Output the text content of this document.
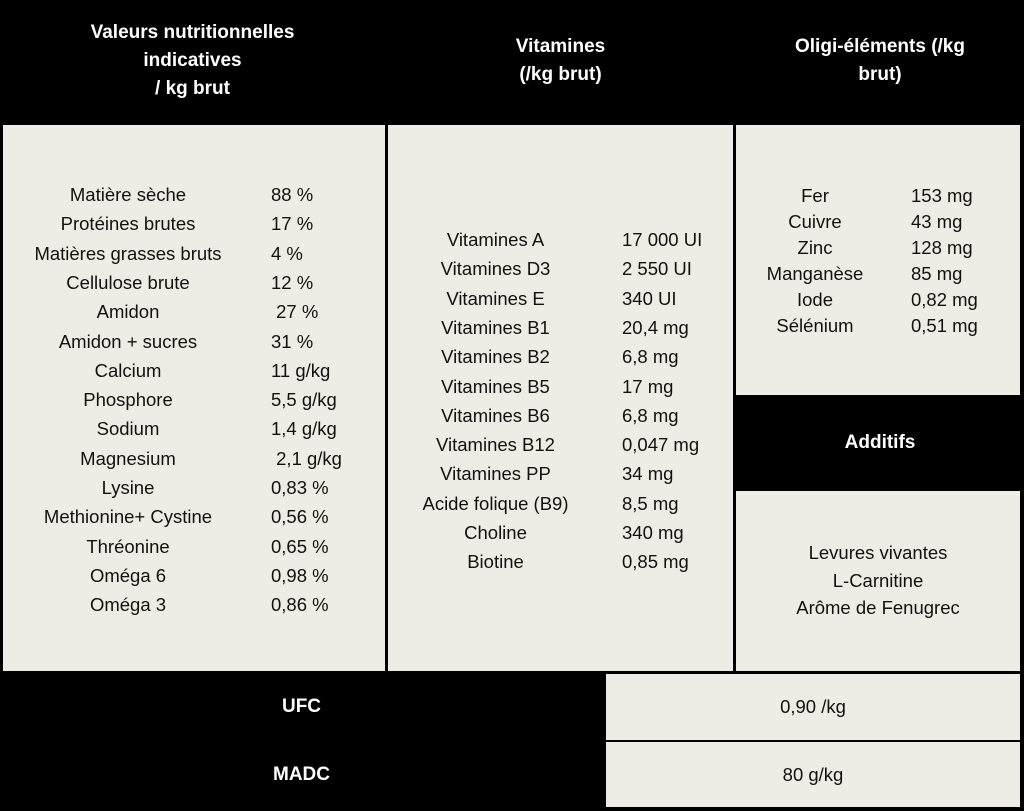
Valeurs nutritionnelles
indicatives
/ kg brut
Vitamines
(/kg brut)
Oligi-éléments (/kg
brut)
Matière sèche	88 %
Protéines brutes	17 %
Matières grasses bruts	4 %
Cellulose brute	12 %
Amidon	27 %
Amidon + sucres	31 %
Calcium	11 g/kg
Phosphore	5,5 g/kg
Sodium	1,4 g/kg
Magnesium	2,1 g/kg
Lysine	0,83 %
Methionine+ Cystine	0,56 %
Thréonine	0,65 %
Oméga 6	0,98 %
Oméga 3	0,86 %
Vitamines A	17 000 UI
Vitamines D3	2 550 UI
Vitamines E	340 UI
Vitamines B1	20,4 mg
Vitamines B2	6,8 mg
Vitamines B5	17 mg
Vitamines B6	6,8 mg
Vitamines B12	0,047 mg
Vitamines PP	34 mg
Acide folique (B9)	8,5 mg
Choline	340 mg
Biotine	0,85 mg
Fer	153 mg
Cuivre	43 mg
Zinc	128 mg
Manganèse	85 mg
Iode	0,82 mg
Sélénium	0,51 mg
Additifs
Levures vivantes
L-Carnitine
Arôme de Fenugrec
UFC	0,90 /kg
MADC	80 g/kg
